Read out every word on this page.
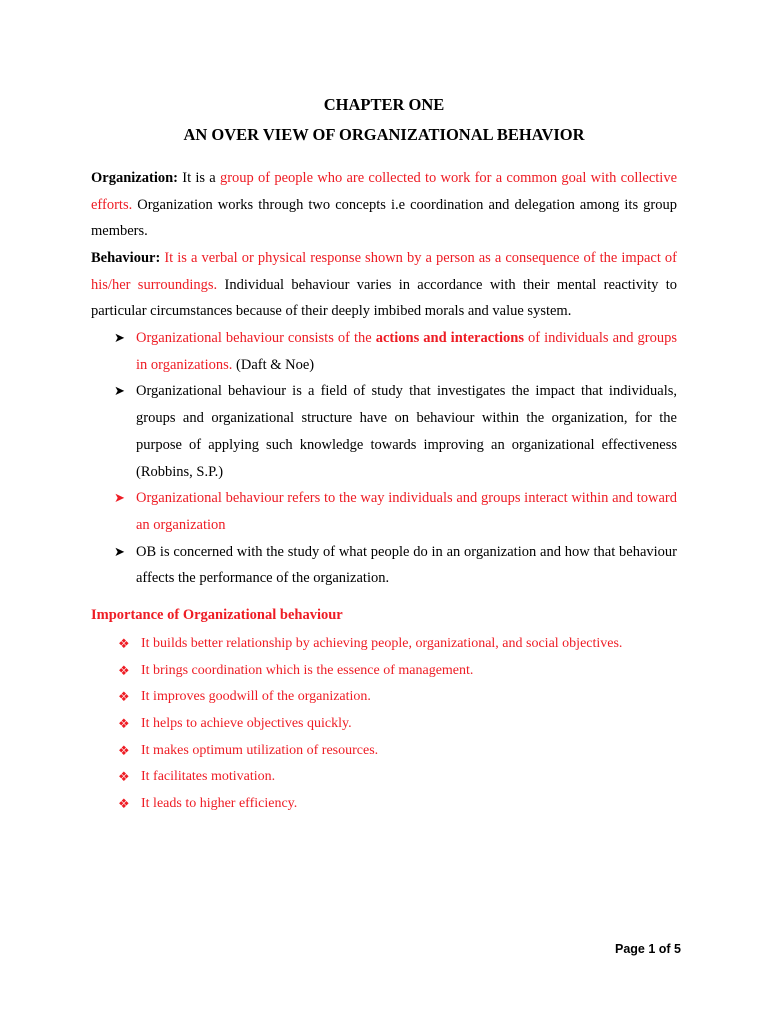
CHAPTER ONE
AN OVER VIEW OF ORGANIZATIONAL BEHAVIOR

Organization: It is a group of people who are collected to work for a common goal with collective efforts. Organization works through two concepts i.e coordination and delegation among its group members.

Behaviour: It is a verbal or physical response shown by a person as a consequence of the impact of his/her surroundings. Individual behaviour varies in accordance with their mental reactivity to particular circumstances because of their deeply imbibed morals and value system.

➤ Organizational behaviour consists of the actions and interactions of individuals and groups in organizations. (Daft & Noe)

➤ Organizational behaviour is a field of study that investigates the impact that individuals, groups and organizational structure have on behaviour within the organization, for the purpose of applying such knowledge towards improving an organizational effectiveness (Robbins, S.P.)

➤ Organizational behaviour refers to the way individuals and groups interact within and toward an organization

➤ OB is concerned with the study of what people do in an organization and how that behaviour affects the performance of the organization.

Importance of Organizational behaviour
❖ It builds better relationship by achieving people, organizational, and social objectives.
❖ It brings coordination which is the essence of management.
❖ It improves goodwill of the organization.
❖ It helps to achieve objectives quickly.
❖ It makes optimum utilization of resources.
❖ It facilitates motivation.
❖ It leads to higher efficiency.
Page 1 of 5
